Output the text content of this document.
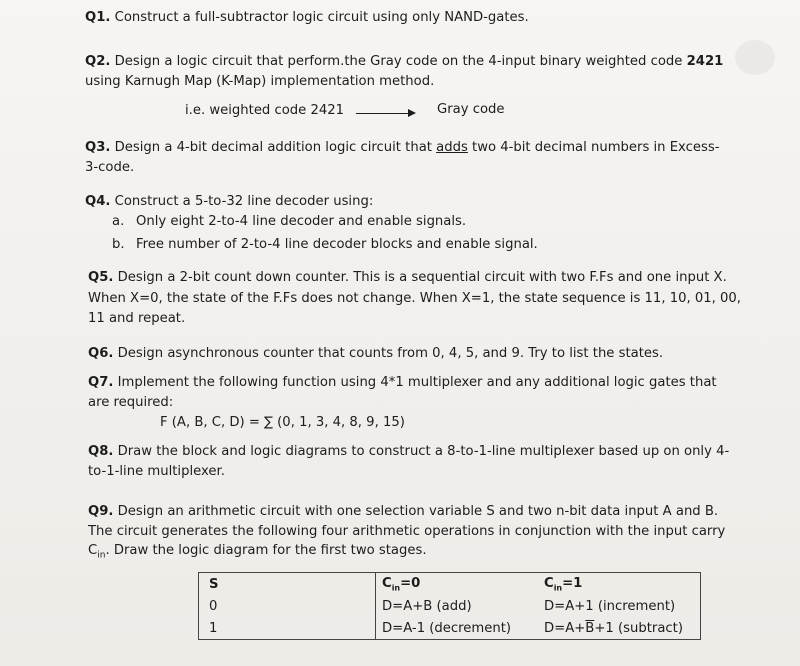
Q1. Construct a full-subtractor logic circuit using only NAND-gates.
Q2. Design a logic circuit that perform.the Gray code on the 4-input binary weighted code 2421
using Karnugh Map (K-Map) implementation method.
i.e. weighted code 2421	Gray code
Q3. Design a 4-bit decimal addition logic circuit that adds two 4-bit decimal numbers in Excess-
3-code.
Q4. Construct a 5-to-32 line decoder using:
a. Only eight 2-to-4 line decoder and enable signals.
b. Free number of 2-to-4 line decoder blocks and enable signal.
Q5. Design a 2-bit count down counter. This is a sequential circuit with two F.Fs and one input X.
When X=0, the state of the F.Fs does not change. When X=1, the state sequence is 11, 10, 01, 00,
11 and repeat.
Q6. Design asynchronous counter that counts from 0, 4, 5, and 9. Try to list the states.
Q7. Implement the following function using 4*1 multiplexer and any additional logic gates that
are required:
F (A, B, C, D) = ∑ (0, 1, 3, 4, 8, 9, 15)
Q8. Draw the block and logic diagrams to construct a 8-to-1-line multiplexer based up on only 4-
to-1-line multiplexer.
Q9. Design an arithmetic circuit with one selection variable S and two n-bit data input A and B.
The circuit generates the following four arithmetic operations in conjunction with the input carry
$C_{in}$. Draw the logic diagram for the first two stages.
S	$C_{in}=0$	$C_{in}=1$
0	D=A+B (add)	D=A+1 (increment)
1	D=A-1 (decrement)	$D=A+\overline{B}+1$ (subtract)
